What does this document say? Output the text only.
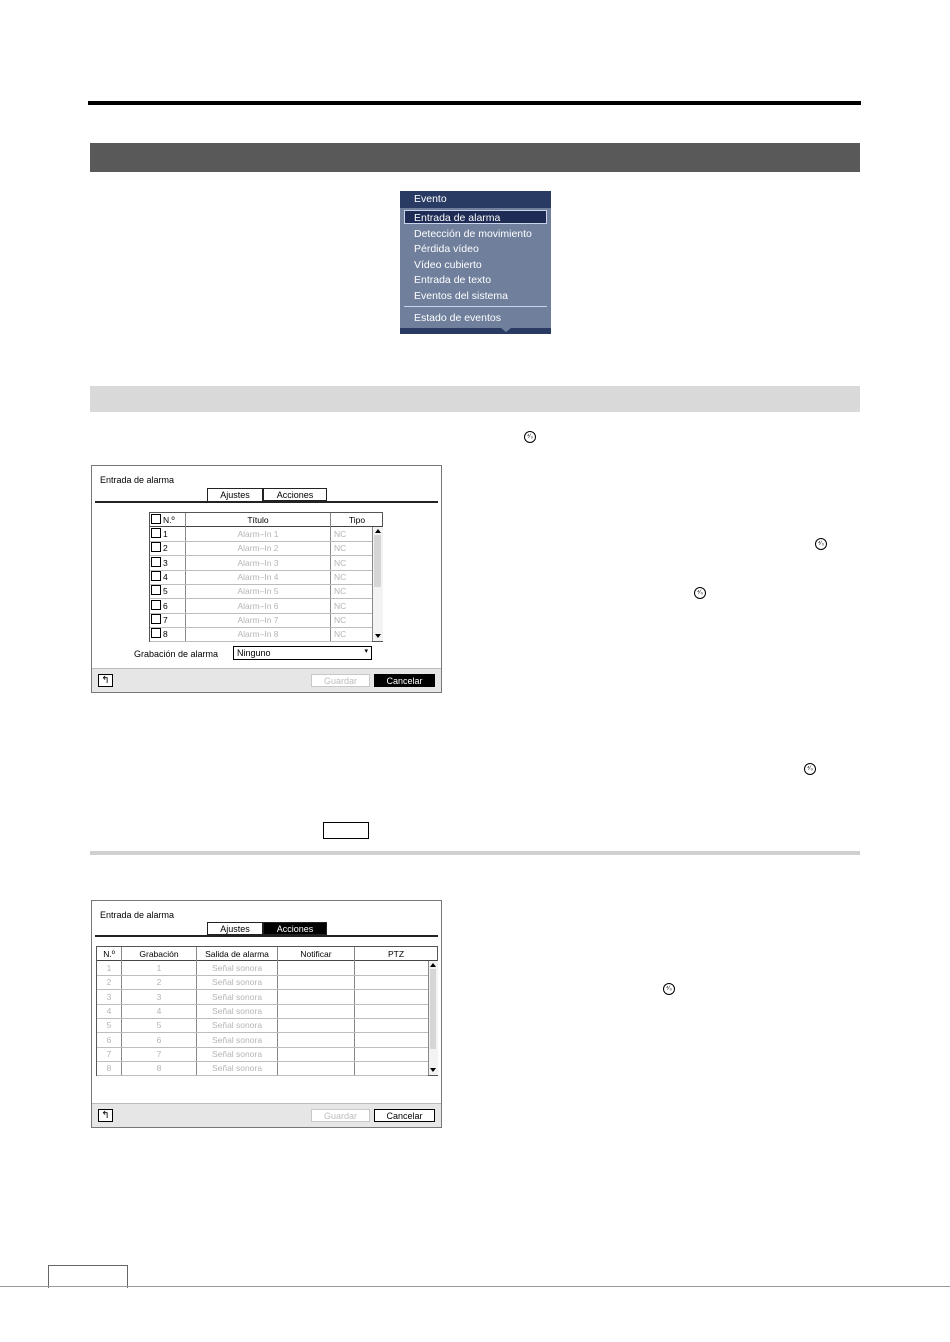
Evento
Entrada de alarma
Detección de movimiento
Pérdida vídeo
Vídeo cubierto
Entrada de texto
Eventos del sistema
Estado de eventos
⁴⁄₀
⁴⁄₀
⁴⁄₀
⁴⁄₀
⁴⁄₀
Entrada de alarma
Ajustes	Acciones
N.º	Título	Tipo
1	Alarm–In 1	NC
2	Alarm–In 2	NC
3	Alarm–In 3	NC
4	Alarm–In 4	NC
5	Alarm–In 5	NC
6	Alarm–In 6	NC
7	Alarm–In 7	NC
8	Alarm–In 8	NC
Grabación de alarma	Ninguno	▾
↰	Guardar	Cancelar
Entrada de alarma
Ajustes	Acciones
N.º	Grabación	Salida de alarma	Notificar	PTZ
1	1	Señal sonora
2	2	Señal sonora
3	3	Señal sonora
4	4	Señal sonora
5	5	Señal sonora
6	6	Señal sonora
7	7	Señal sonora
8	8	Señal sonora
↰	Guardar	Cancelar
